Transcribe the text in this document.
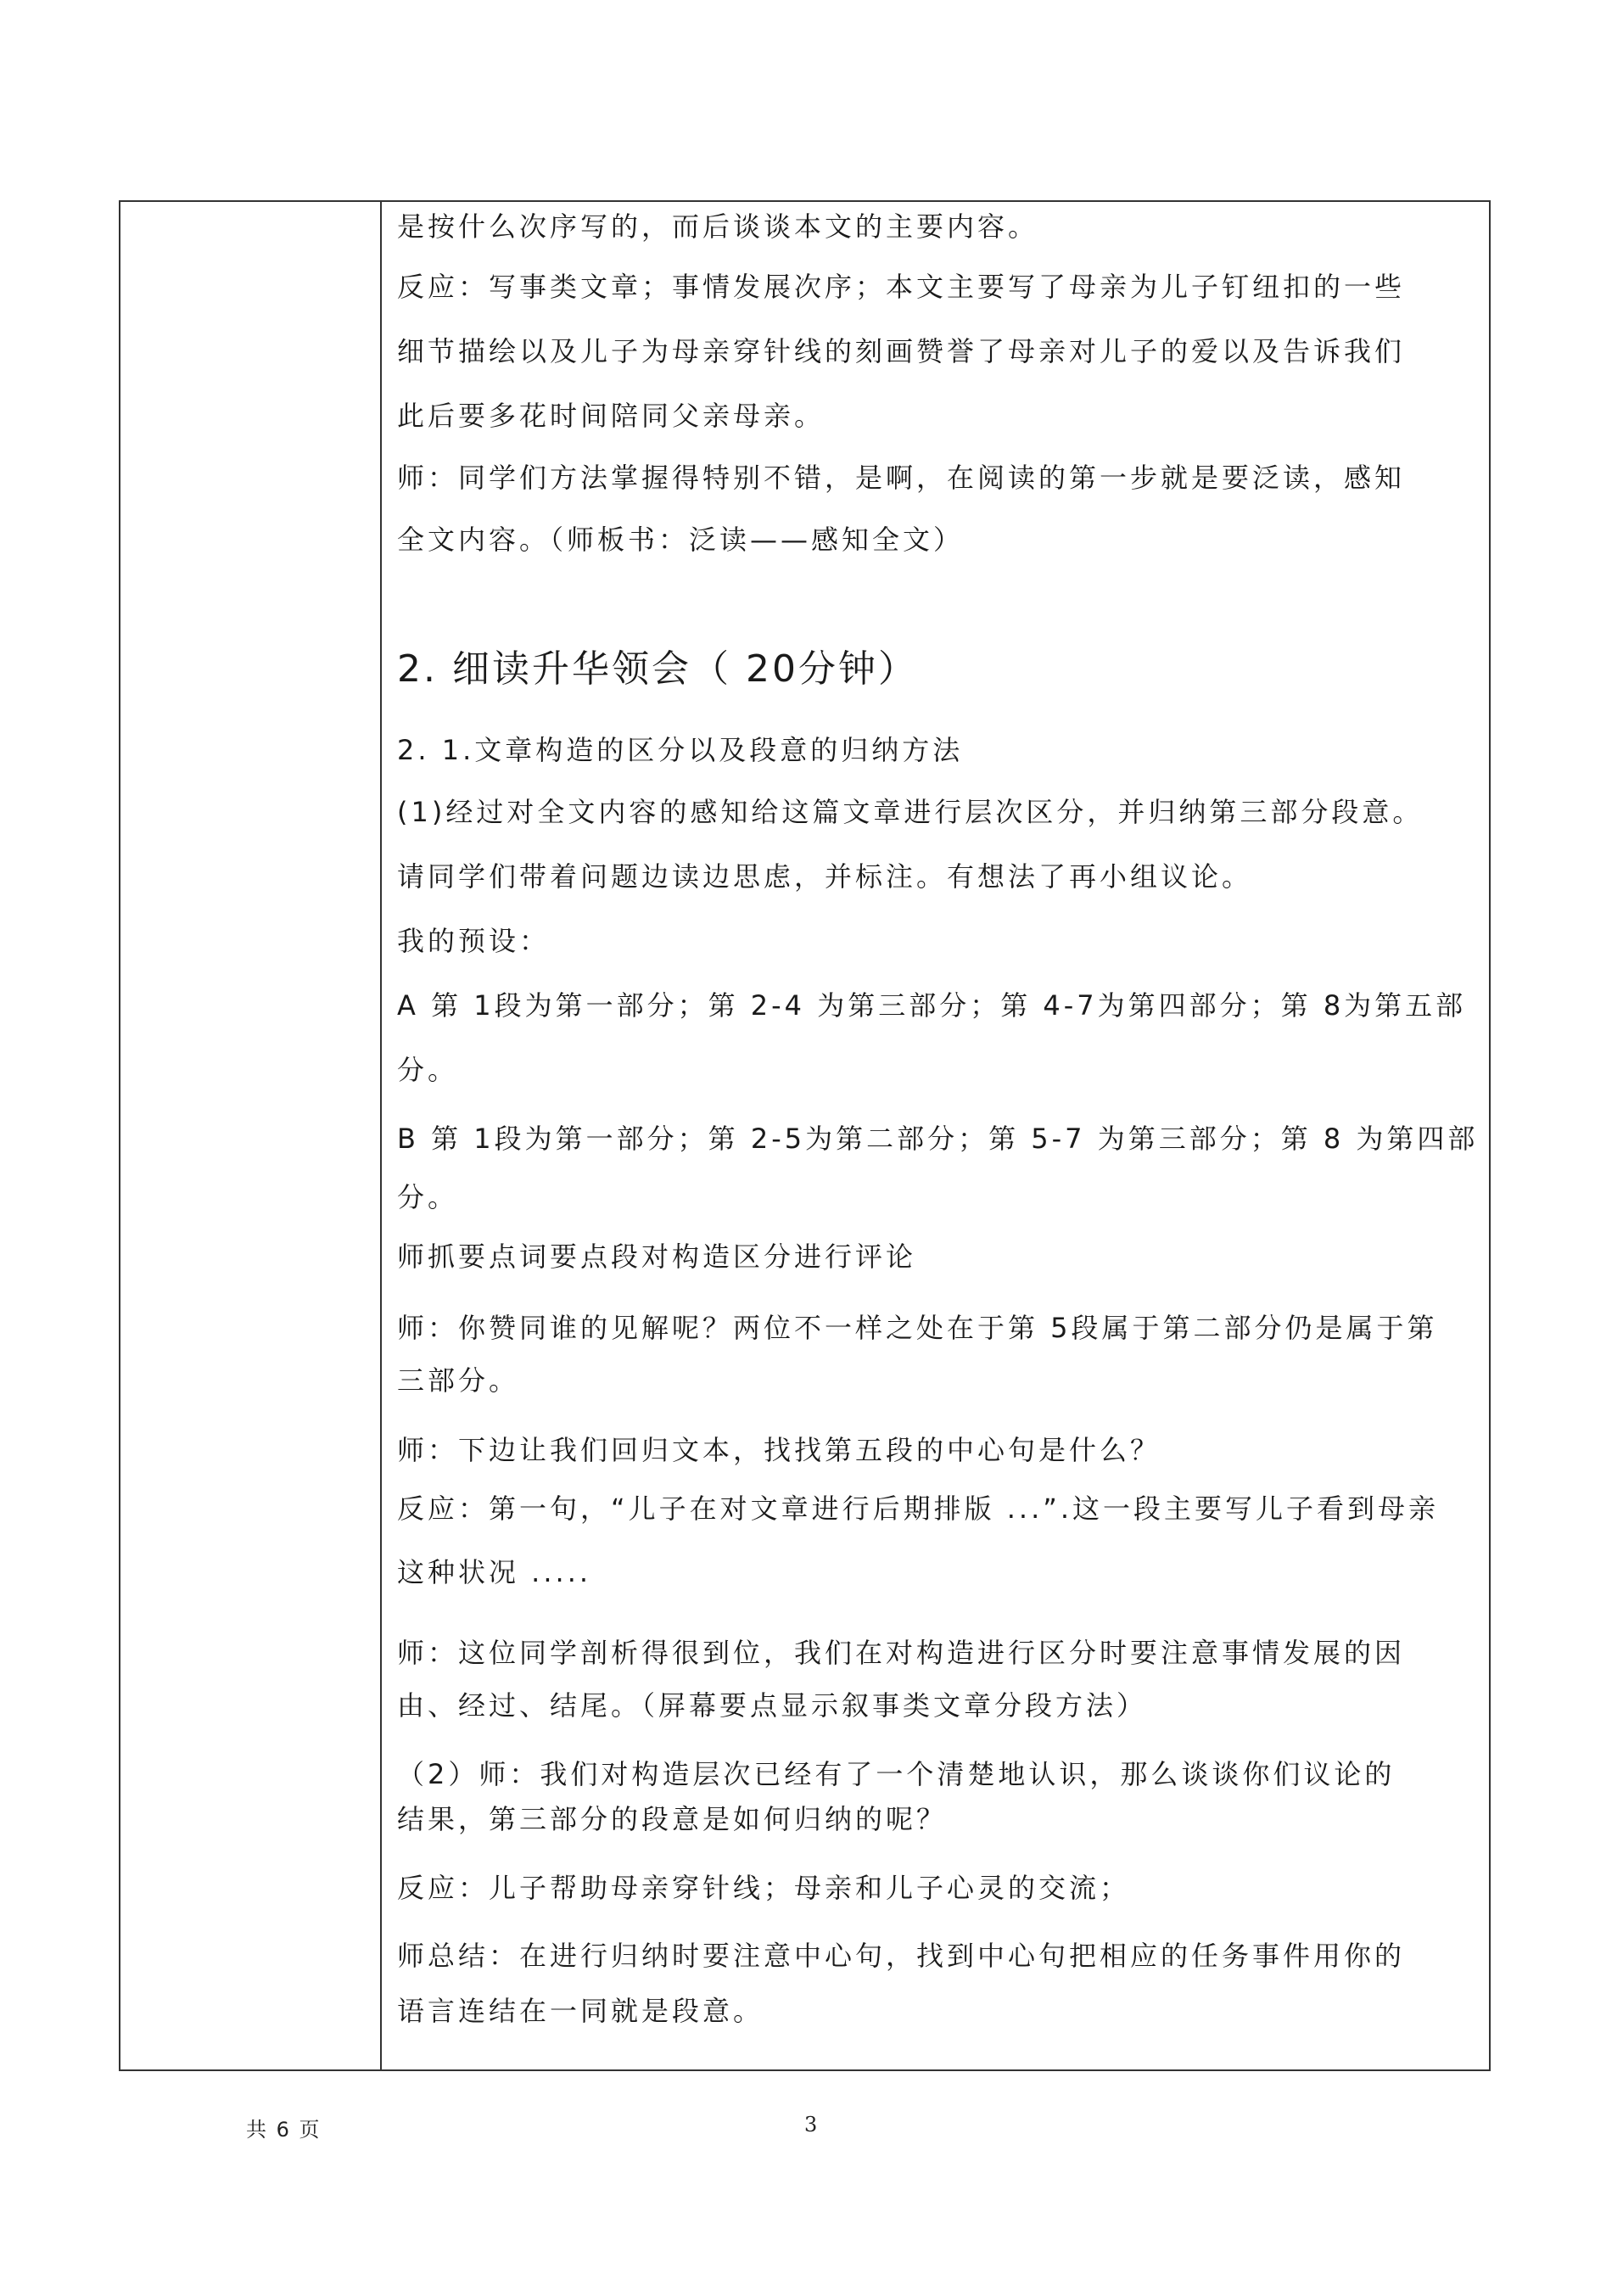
是按什么次序写的，而后谈谈本文的主要内容。
反应：写事类文章；事情发展次序；本文主要写了母亲为儿子钉纽扣的一些
细节描绘以及儿子为母亲穿针线的刻画赞誉了母亲对儿子的爱以及告诉我们
此后要多花时间陪同父亲母亲。
师：同学们方法掌握得特别不错，是啊，在阅读的第一步就是要泛读，感知
全文内容。（师板书：泛读——感知全文）
2. 细读升华领会（ 20分钟）
2. 1.文章构造的区分以及段意的归纳方法
(1)经过对全文内容的感知给这篇文章进行层次区分，并归纳第三部分段意。
请同学们带着问题边读边思虑，并标注。有想法了再小组议论。
我的预设：
A 第 1段为第一部分；第 2-4 为第三部分；第 4-7为第四部分；第 8为第五部
分。
B 第 1段为第一部分；第 2-5为第二部分；第 5-7 为第三部分；第 8 为第四部
分。
师抓要点词要点段对构造区分进行评论
师：你赞同谁的见解呢？两位不一样之处在于第 5段属于第二部分仍是属于第
三部分。
师：下边让我们回归文本，找找第五段的中心句是什么？
反应：第一句，“儿子在对文章进行后期排版 ...”.这一段主要写儿子看到母亲
这种状况 .....
师：这位同学剖析得很到位，我们在对构造进行区分时要注意事情发展的因
由、经过、结尾。（屏幕要点显示叙事类文章分段方法）
（2）师：我们对构造层次已经有了一个清楚地认识，那么谈谈你们议论的
结果，第三部分的段意是如何归纳的呢？
反应：儿子帮助母亲穿针线；母亲和儿子心灵的交流；
师总结：在进行归纳时要注意中心句，找到中心句把相应的任务事件用你的
语言连结在一同就是段意。
共 6 页	3
